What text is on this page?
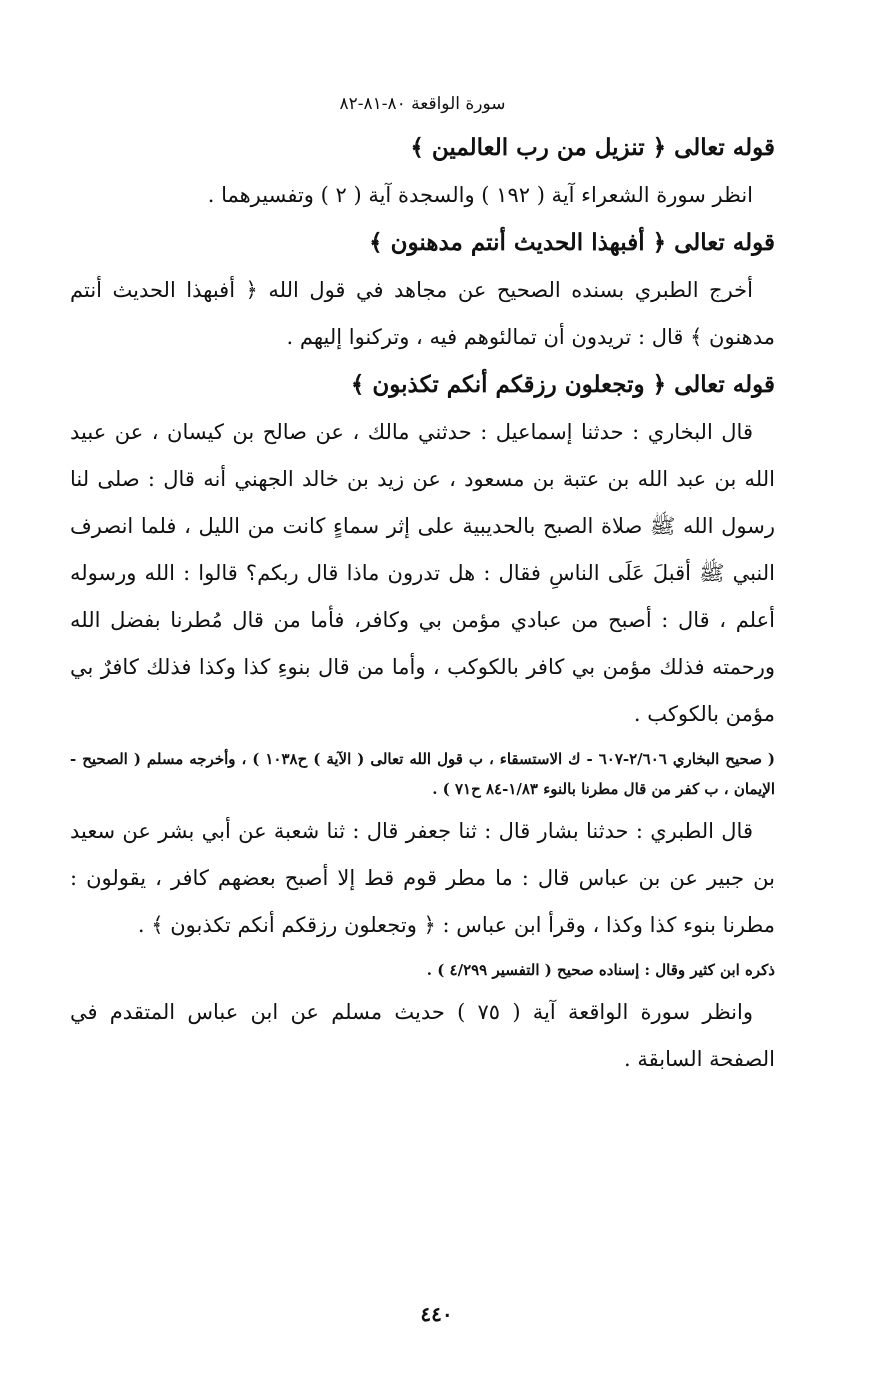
سورة الواقعة ٨٠-٨١-٨٢
قوله تعالى ﴿ تنزيل من رب العالمين ﴾

انظر سورة الشعراء آية ( ١٩٢ ) والسجدة آية ( ٢ ) وتفسيرهما .

قوله تعالى ﴿ أفبهذا الحديث أنتم مدهنون ﴾

أخرج الطبري بسنده الصحيح عن مجاهد في قول الله ﴿ أفبهذا الحديث أنتم مدهنون ﴾ قال : تريدون أن تمالئوهم فيه ، وتركنوا إليهم .

قوله تعالى ﴿ وتجعلون رزقكم أنكم تكذبون ﴾

قال البخاري : حدثنا إسماعيل : حدثني مالك ، عن صالح بن كيسان ، عن عبيد الله بن عبد الله بن عتبة بن مسعود ، عن زيد بن خالد الجهني أنه قال : صلى لنا رسول الله ﷺ صلاة الصبح بالحديبية على إثر سماءٍ كانت من الليل ، فلما انصرف النبي ﷺ أقبلَ عَلَى الناسِ فقال : هل تدرون ماذا قال ربكم؟ قالوا : الله ورسوله أعلم ، قال : أصبح من عبادي مؤمن بي وكافر، فأما من قال مُطرنا بفضل الله ورحمته فذلك مؤمن بي كافر بالكوكب ، وأما من قال بنوءِ كذا وكذا فذلك كافرٌ بي مؤمن بالكوكب .

( صحيح البخاري ٢/٦٠٦-٦٠٧ - ك الاستسقاء ، ب قول الله تعالى ( الآية ) ح١٠٣٨ ) ، وأخرجه مسلم ( الصحيح - الإيمان ، ب كفر من قال مطرنا بالنوء ١/٨٣-٨٤ ح٧١ ) .

قال الطبري : حدثنا بشار قال : ثنا جعفر قال : ثنا شعبة عن أبي بشر عن سعيد بن جبير عن بن عباس قال : ما مطر قوم قط إلا أصبح بعضهم كافر ، يقولون : مطرنا بنوء كذا وكذا ، وقرأ ابن عباس : ﴿ وتجعلون رزقكم أنكم تكذبون ﴾ .

ذكره ابن كثير وقال : إسناده صحيح ( التفسير ٤/٢٩٩ ) .

وانظر سورة الواقعة آية ( ٧٥ ) حديث مسلم عن ابن عباس المتقدم في الصفحة السابقة .

٤٤٠
